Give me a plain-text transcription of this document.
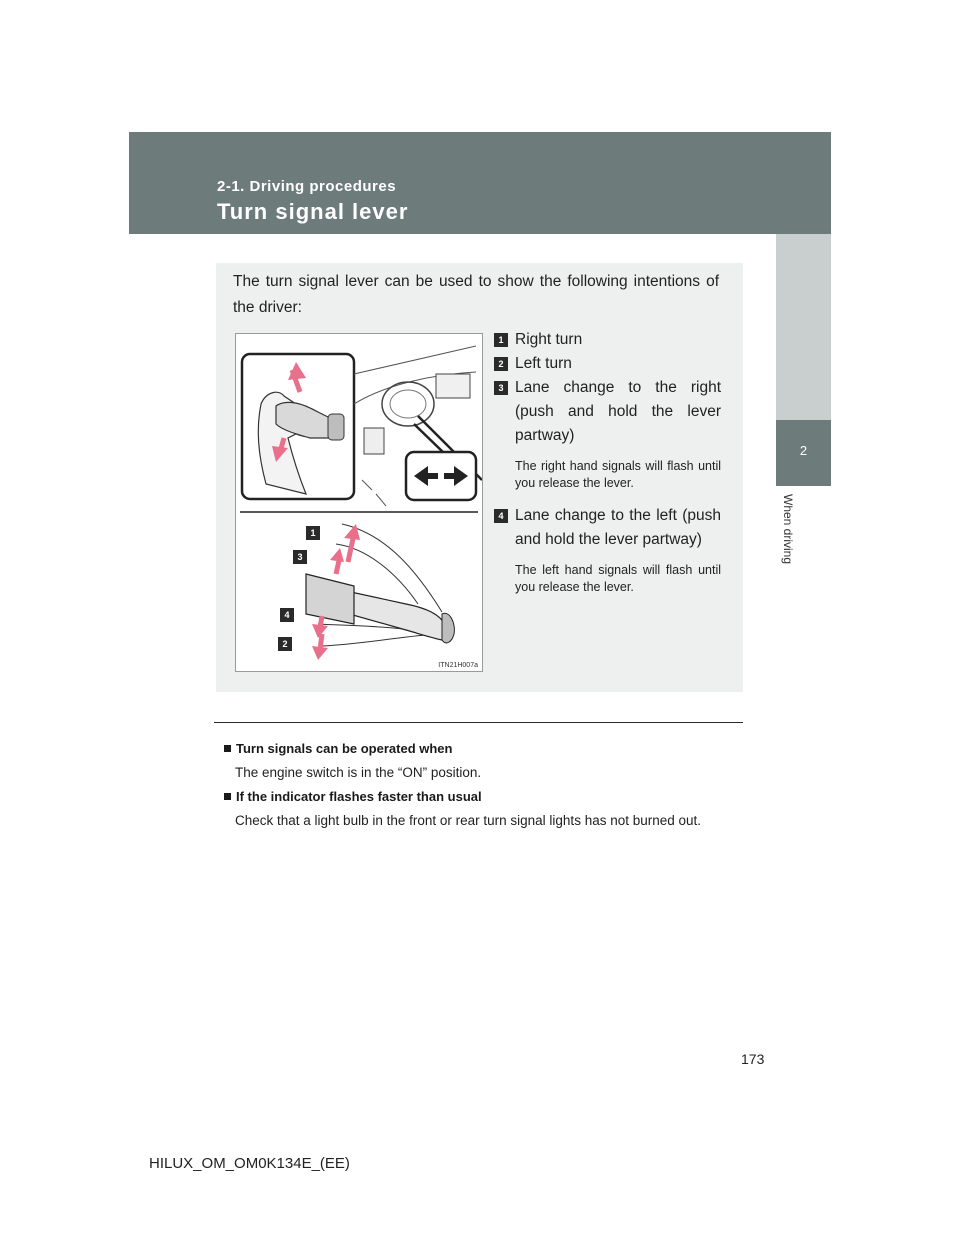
2-1. Driving procedures
Turn signal lever
2
When driving
The turn signal lever can be used to show the following intentions of the driver:
1
3
4
2
ITN21H007a
1 Right turn
2 Left turn
3 Lane change to the right (push and hold the lever partway)
The right hand signals will flash until you release the lever.
4 Lane change to the left (push and hold the lever partway)
The left hand signals will flash until you release the lever.
Turn signals can be operated when
The engine switch is in the “ON” position.
If the indicator flashes faster than usual
Check that a light bulb in the front or rear turn signal lights has not burned out.
173
HILUX_OM_OM0K134E_(EE)
